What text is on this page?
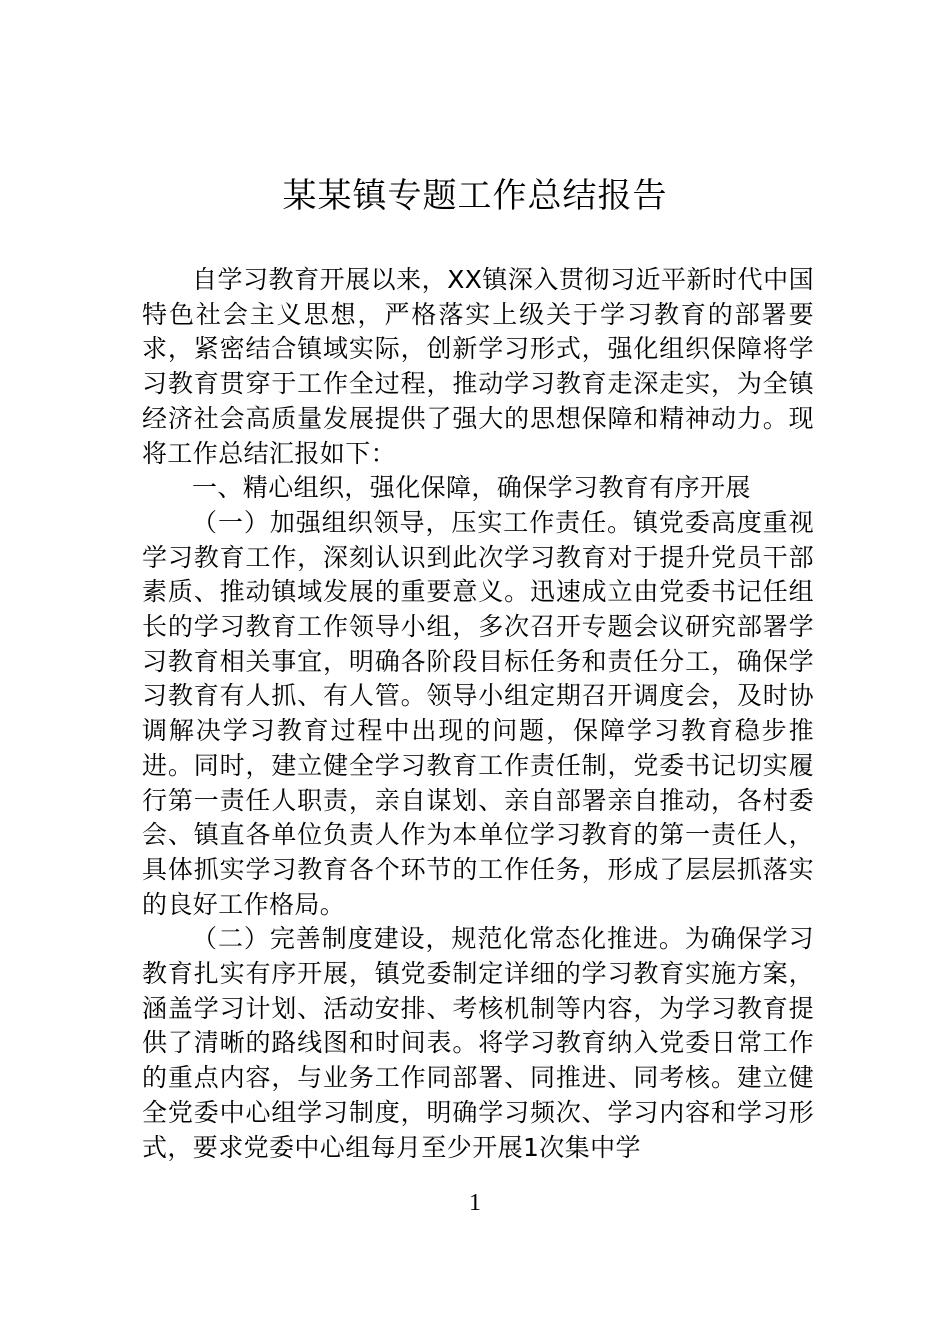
某某镇专题工作总结报告

自学习教育开展以来，XX镇深入贯彻习近平新时代中国特色社会主义思想，严格落实上级关于学习教育的部署要求，紧密结合镇域实际，创新学习形式，强化组织保障将学习教育贯穿于工作全过程，推动学习教育走深走实，为全镇经济社会高质量发展提供了强大的思想保障和精神动力。现将工作总结汇报如下：

一、精心组织，强化保障，确保学习教育有序开展

（一）加强组织领导，压实工作责任。镇党委高度重视学习教育工作，深刻认识到此次学习教育对于提升党员干部素质、推动镇域发展的重要意义。迅速成立由党委书记任组长的学习教育工作领导小组，多次召开专题会议研究部署学习教育相关事宜，明确各阶段目标任务和责任分工，确保学习教育有人抓、有人管。领导小组定期召开调度会，及时协调解决学习教育过程中出现的问题，保障学习教育稳步推进。同时，建立健全学习教育工作责任制，党委书记切实履行第一责任人职责，亲自谋划、亲自部署亲自推动，各村委会、镇直各单位负责人作为本单位学习教育的第一责任人，具体抓实学习教育各个环节的工作任务，形成了层层抓落实的良好工作格局。

（二）完善制度建设，规范化常态化推进。为确保学习教育扎实有序开展，镇党委制定详细的学习教育实施方案，涵盖学习计划、活动安排、考核机制等内容，为学习教育提供了清晰的路线图和时间表。将学习教育纳入党委日常工作的重点内容，与业务工作同部署、同推进、同考核。建立健全党委中心组学习制度，明确学习频次、学习内容和学习形式，要求党委中心组每月至少开展1次集中学

1
